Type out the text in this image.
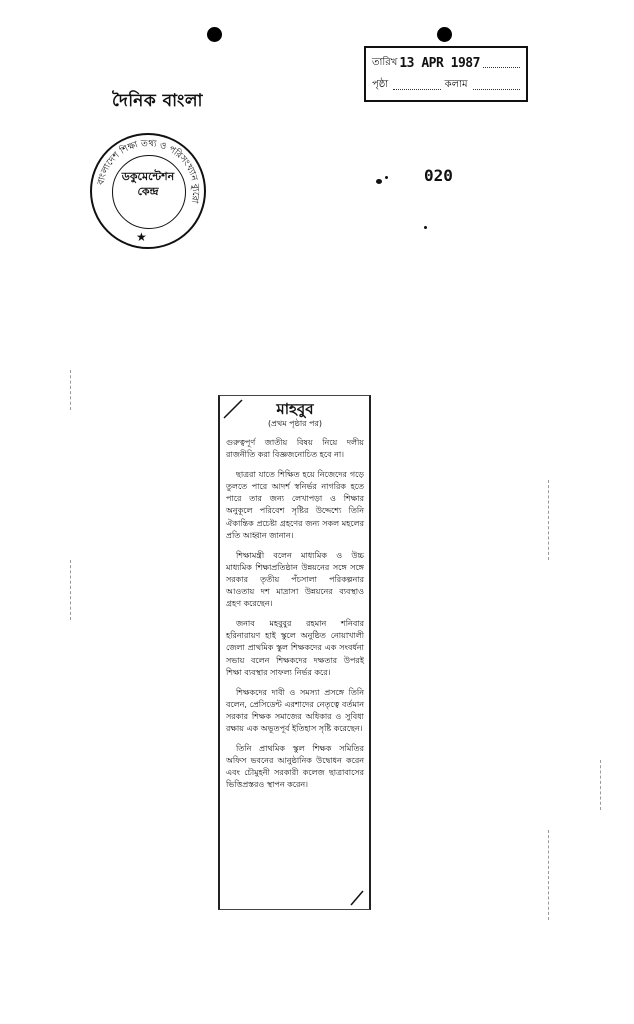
দৈনিক বাংলা
তারিখ 13 APR 1987
পৃষ্ঠা	কলাম
বাংলাদেশ শিক্ষা তথ্য ও পরিসংখ্যান ব্যুরো
★
ডকুমেন্টেশন
কেন্দ্র
020
মাহবুব
(প্রথম পৃষ্ঠার পর)

গুরুত্বপূর্ণ জাতীয় বিষয় নিয়ে দলীয় রাজনীতি করা বিজ্ঞজনোচিত হবে না।

ছাত্ররা যাতে শিক্ষিত হয়ে নিজেদের গড়ে তুলতে পারে আদর্শ স্বনির্ভর নাগরিক হতে পারে তার জন্য লেখাপড়া ও শিক্ষার অনুকূলে পরিবেশ সৃষ্টির উদ্দেশ্যে তিনি ঐকান্তিক প্রচেষ্টা গ্রহণের জন্য সকল মহলের প্রতি আহ্বান জানান।

শিক্ষামন্ত্রী বলেন মাধ্যমিক ও উচ্চ মাধ্যমিক শিক্ষাপ্রতিষ্ঠান উন্নয়নের সঙ্গে সঙ্গে সরকার তৃতীয় পঁচসালা পরিকল্পনার আওতায় দশ মাদ্রাসা উন্নয়নের ব্যবস্থাও গ্রহণ করেছেন।

জনাব মহবুবুর রহমান শনিবার হরিনারায়ণ হাই স্কুলে অনুষ্ঠিত নোয়াখালী জেলা প্রাথমিক স্কুল শিক্ষকদের এক সংবর্ধনা সভায় বলেন শিক্ষকদের দক্ষতার উপরই শিক্ষা ব্যবস্থার সাফল্য নির্ভর করে।

শিক্ষকদের দাবী ও সমস্যা প্রসঙ্গে তিনি বলেন, প্রেসিডেন্ট এরশাদের নেতৃত্বে বর্তমান সরকার শিক্ষক সমাজের অধিকার ও সুবিধা রক্ষায় এক অভূতপূর্ব ইতিহাস সৃষ্টি করেছেন।

তিনি প্রাথমিক স্কুল শিক্ষক সমিতির অফিস ভবনের আনুষ্ঠানিক উদ্বোধন করেন এবং চৌমুহনী সরকারী কলেজ ছাত্রাবাসের ভিত্তিপ্রস্তরও স্থাপন করেন।
